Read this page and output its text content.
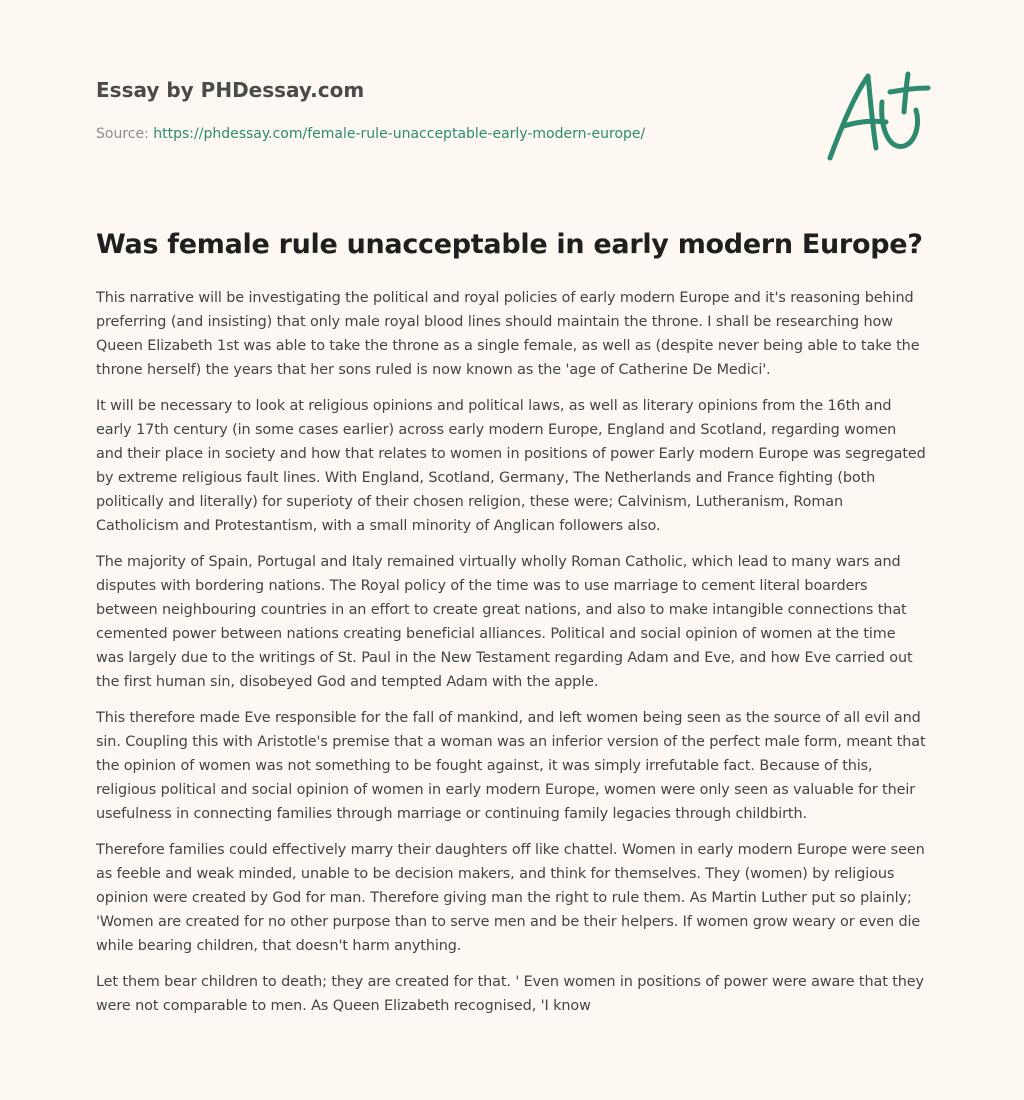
Essay by PHDessay.com
Source: https://phdessay.com/female-rule-unacceptable-early-modern-europe/
Was female rule unacceptable in early modern Europe?

This narrative will be investigating the political and royal policies of early modern Europe and it's reasoning behind preferring (and insisting) that only male royal blood lines should maintain the throne. I shall be researching how Queen Elizabeth 1st was able to take the throne as a single female, as well as (despite never being able to take the throne herself) the years that her sons ruled is now known as the 'age of Catherine De Medici'.

It will be necessary to look at religious opinions and political laws, as well as literary opinions from the 16th and early 17th century (in some cases earlier) across early modern Europe, England and Scotland, regarding women and their place in society and how that relates to women in positions of power Early modern Europe was segregated by extreme religious fault lines. With England, Scotland, Germany, The Netherlands and France fighting (both politically and literally) for superioty of their chosen religion, these were; Calvinism, Lutheranism, Roman Catholicism and Protestantism, with a small minority of Anglican followers also.

The majority of Spain, Portugal and Italy remained virtually wholly Roman Catholic, which lead to many wars and disputes with bordering nations. The Royal policy of the time was to use marriage to cement literal boarders between neighbouring countries in an effort to create great nations, and also to make intangible connections that cemented power between nations creating beneficial alliances. Political and social opinion of women at the time was largely due to the writings of St. Paul in the New Testament regarding Adam and Eve, and how Eve carried out the first human sin, disobeyed God and tempted Adam with the apple.

This therefore made Eve responsible for the fall of mankind, and left women being seen as the source of all evil and sin. Coupling this with Aristotle's premise that a woman was an inferior version of the perfect male form, meant that the opinion of women was not something to be fought against, it was simply irrefutable fact. Because of this, religious political and social opinion of women in early modern Europe, women were only seen as valuable for their usefulness in connecting families through marriage or continuing family legacies through childbirth.

Therefore families could effectively marry their daughters off like chattel. Women in early modern Europe were seen as feeble and weak minded, unable to be decision makers, and think for themselves. They (women) by religious opinion were created by God for man. Therefore giving man the right to rule them. As Martin Luther put so plainly; 'Women are created for no other purpose than to serve men and be their helpers. If women grow weary or even die while bearing children, that doesn't harm anything.

Let them bear children to death; they are created for that. ' Even women in positions of power were aware that they were not comparable to men. As Queen Elizabeth recognised, 'I know
